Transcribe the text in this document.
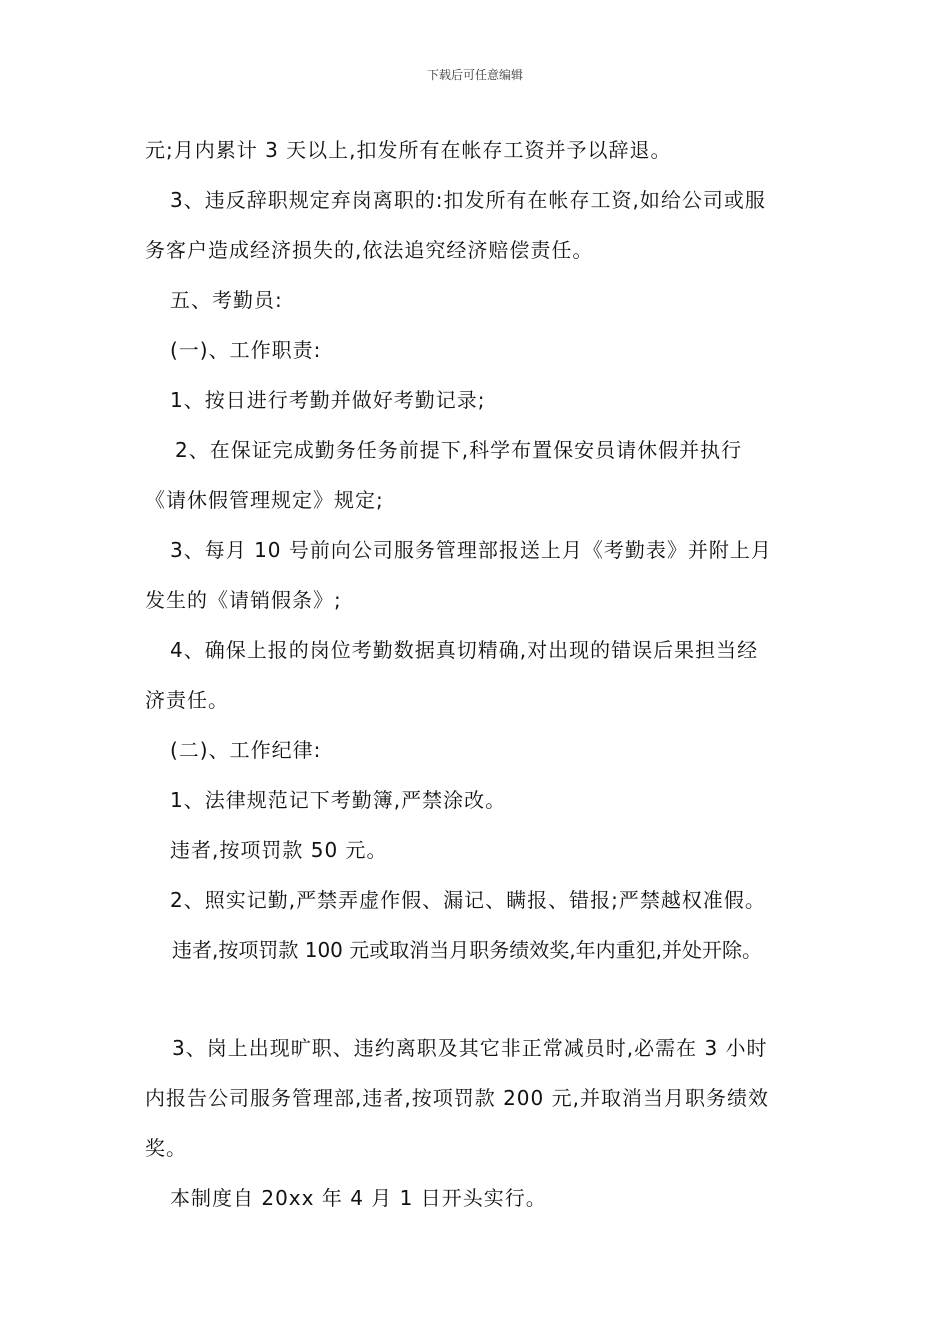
下载后可任意编辑
元;月内累计 3 天以上,扣发所有在帐存工资并予以辞退。
3、违反辞职规定弃岗离职的:扣发所有在帐存工资,如给公司或服
务客户造成经济损失的,依法追究经济赔偿责任。
五、考勤员:
(一)、工作职责:
1、按日进行考勤并做好考勤记录;
2、在保证完成勤务任务前提下,科学布置保安员请休假并执行
《请休假管理规定》规定;
3、每月 10 号前向公司服务管理部报送上月《考勤表》并附上月
发生的《请销假条》;
4、确保上报的岗位考勤数据真切精确,对出现的错误后果担当经
济责任。
(二)、工作纪律:
1、法律规范记下考勤簿,严禁涂改。
违者,按项罚款 50 元。
2、照实记勤,严禁弄虚作假、漏记、瞒报、错报;严禁越权准假。
违者,按项罚款 100 元或取消当月职务绩效奖,年内重犯,并处开除。
3、岗上出现旷职、违约离职及其它非正常减员时,必需在 3 小时
内报告公司服务管理部,违者,按项罚款 200 元,并取消当月职务绩效
奖。
本制度自 20xx 年 4 月 1 日开头实行。
